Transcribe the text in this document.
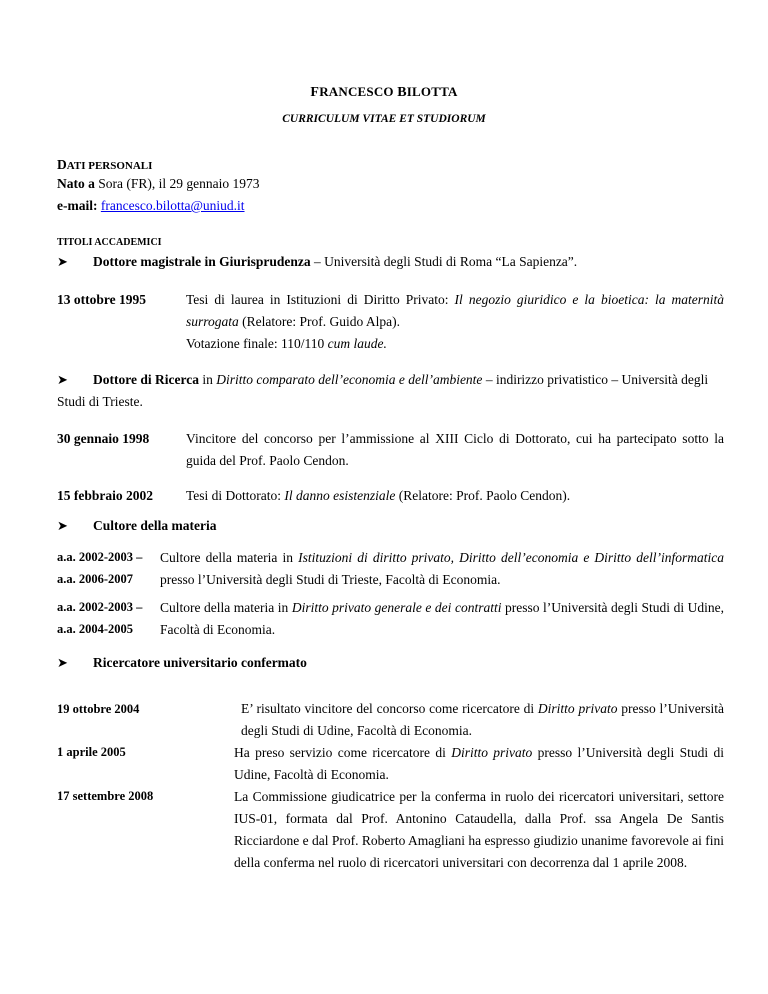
FRANCESCO BILOTTA
CURRICULUM VITAE ET STUDIORUM
DATI PERSONALI
Nato a Sora (FR), il 29 gennaio 1973
e-mail: francesco.bilotta@uniud.it
TITOLI ACCADEMICI
➤ Dottore magistrale in Giurisprudenza – Università degli Studi di Roma “La Sapienza”.
13 ottobre 1995	Tesi di laurea in Istituzioni di Diritto Privato: Il negozio giuridico e la bioetica: la maternità surrogata (Relatore: Prof. Guido Alpa).
Votazione finale: 110/110 cum laude.
➤ Dottore di Ricerca in Diritto comparato dell’economia e dell’ambiente – indirizzo privatistico – Università degli Studi di Trieste.
30 gennaio 1998	Vincitore del concorso per l’ammissione al XIII Ciclo di Dottorato, cui ha partecipato sotto la guida del Prof. Paolo Cendon.
15 febbraio 2002 Tesi di Dottorato: Il danno esistenziale (Relatore: Prof. Paolo Cendon).
➤ Cultore della materia
a.a. 2002-2003 –
a.a. 2006-2007
Cultore della materia in Istituzioni di diritto privato, Diritto dell’economia e Diritto dell’informatica presso l’Università degli Studi di Trieste, Facoltà di Economia.
a.a. 2002-2003 –
a.a. 2004-2005
Cultore della materia in Diritto privato generale e dei contratti presso l’Università degli Studi di Udine, Facoltà di Economia.
➤ Ricercatore universitario confermato
19 ottobre 2004	E’ risultato vincitore del concorso come ricercatore di Diritto privato presso l’Università degli Studi di Udine, Facoltà di Economia.
1 aprile 2005	Ha preso servizio come ricercatore di Diritto privato presso l’Università degli Studi di Udine, Facoltà di Economia.
17 settembre 2008	La Commissione giudicatrice per la conferma in ruolo dei ricercatori universitari, settore IUS-01, formata dal Prof. Antonino Cataudella, dalla Prof. ssa Angela De Santis Ricciardone e dal Prof. Roberto Amagliani ha espresso giudizio unanime favorevole ai fini della conferma nel ruolo di ricercatori universitari con decorrenza dal 1 aprile 2008.
